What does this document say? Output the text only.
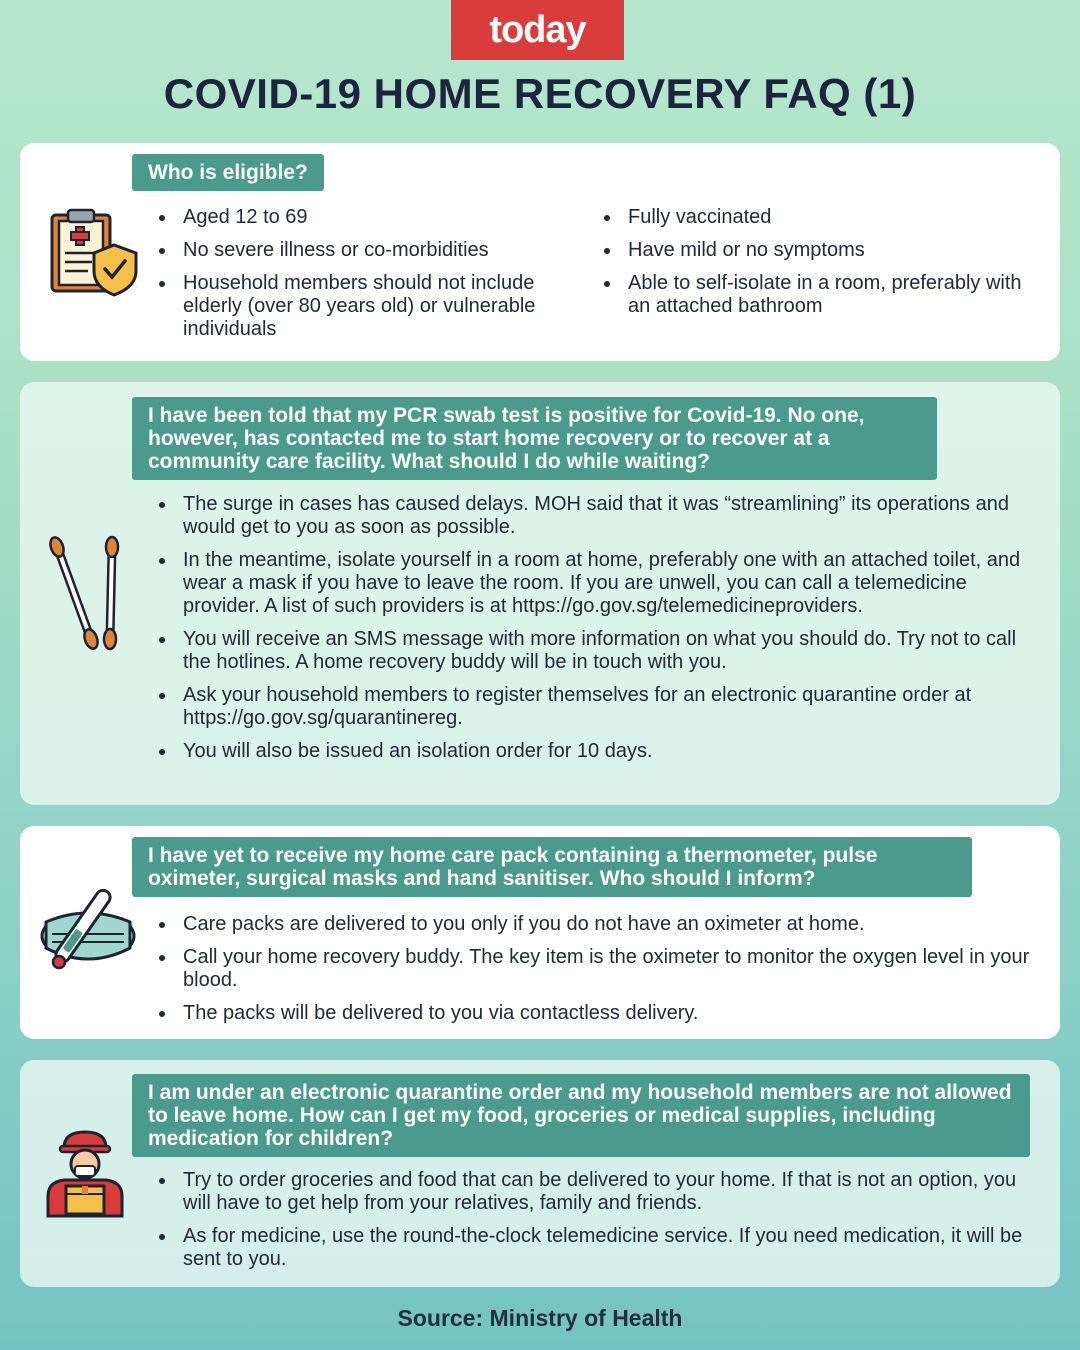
today
COVID-19 HOME RECOVERY FAQ (1)
Who is eligible?
Aged 12 to 69
No severe illness or co-morbidities
Household members should not include elderly (over 80 years old) or vulnerable individuals
Fully vaccinated
Have mild or no symptoms
Able to self-isolate in a room, preferably with an attached bathroom
I have been told that my PCR swab test is positive for Covid-19. No one, however, has contacted me to start home recovery or to recover at a community care facility. What should I do while waiting?
The surge in cases has caused delays. MOH said that it was “streamlining” its operations and would get to you as soon as possible.
In the meantime, isolate yourself in a room at home, preferably one with an attached toilet, and wear a mask if you have to leave the room. If you are unwell, you can call a telemedicine provider. A list of such providers is at https://go.gov.sg/telemedicineproviders.
You will receive an SMS message with more information on what you should do. Try not to call the hotlines. A home recovery buddy will be in touch with you.
Ask your household members to register themselves for an electronic quarantine order at https://go.gov.sg/quarantinereg.
You will also be issued an isolation order for 10 days.
I have yet to receive my home care pack containing a thermometer, pulse oximeter, surgical masks and hand sanitiser. Who should I inform?
Care packs are delivered to you only if you do not have an oximeter at home.
Call your home recovery buddy. The key item is the oximeter to monitor the oxygen level in your blood.
The packs will be delivered to you via contactless delivery.
I am under an electronic quarantine order and my household members are not allowed to leave home. How can I get my food, groceries or medical supplies, including medication for children?
Try to order groceries and food that can be delivered to your home. If that is not an option, you will have to get help from your relatives, family and friends.
As for medicine, use the round-the-clock telemedicine service. If you need medication, it will be sent to you.
Source: Ministry of Health
